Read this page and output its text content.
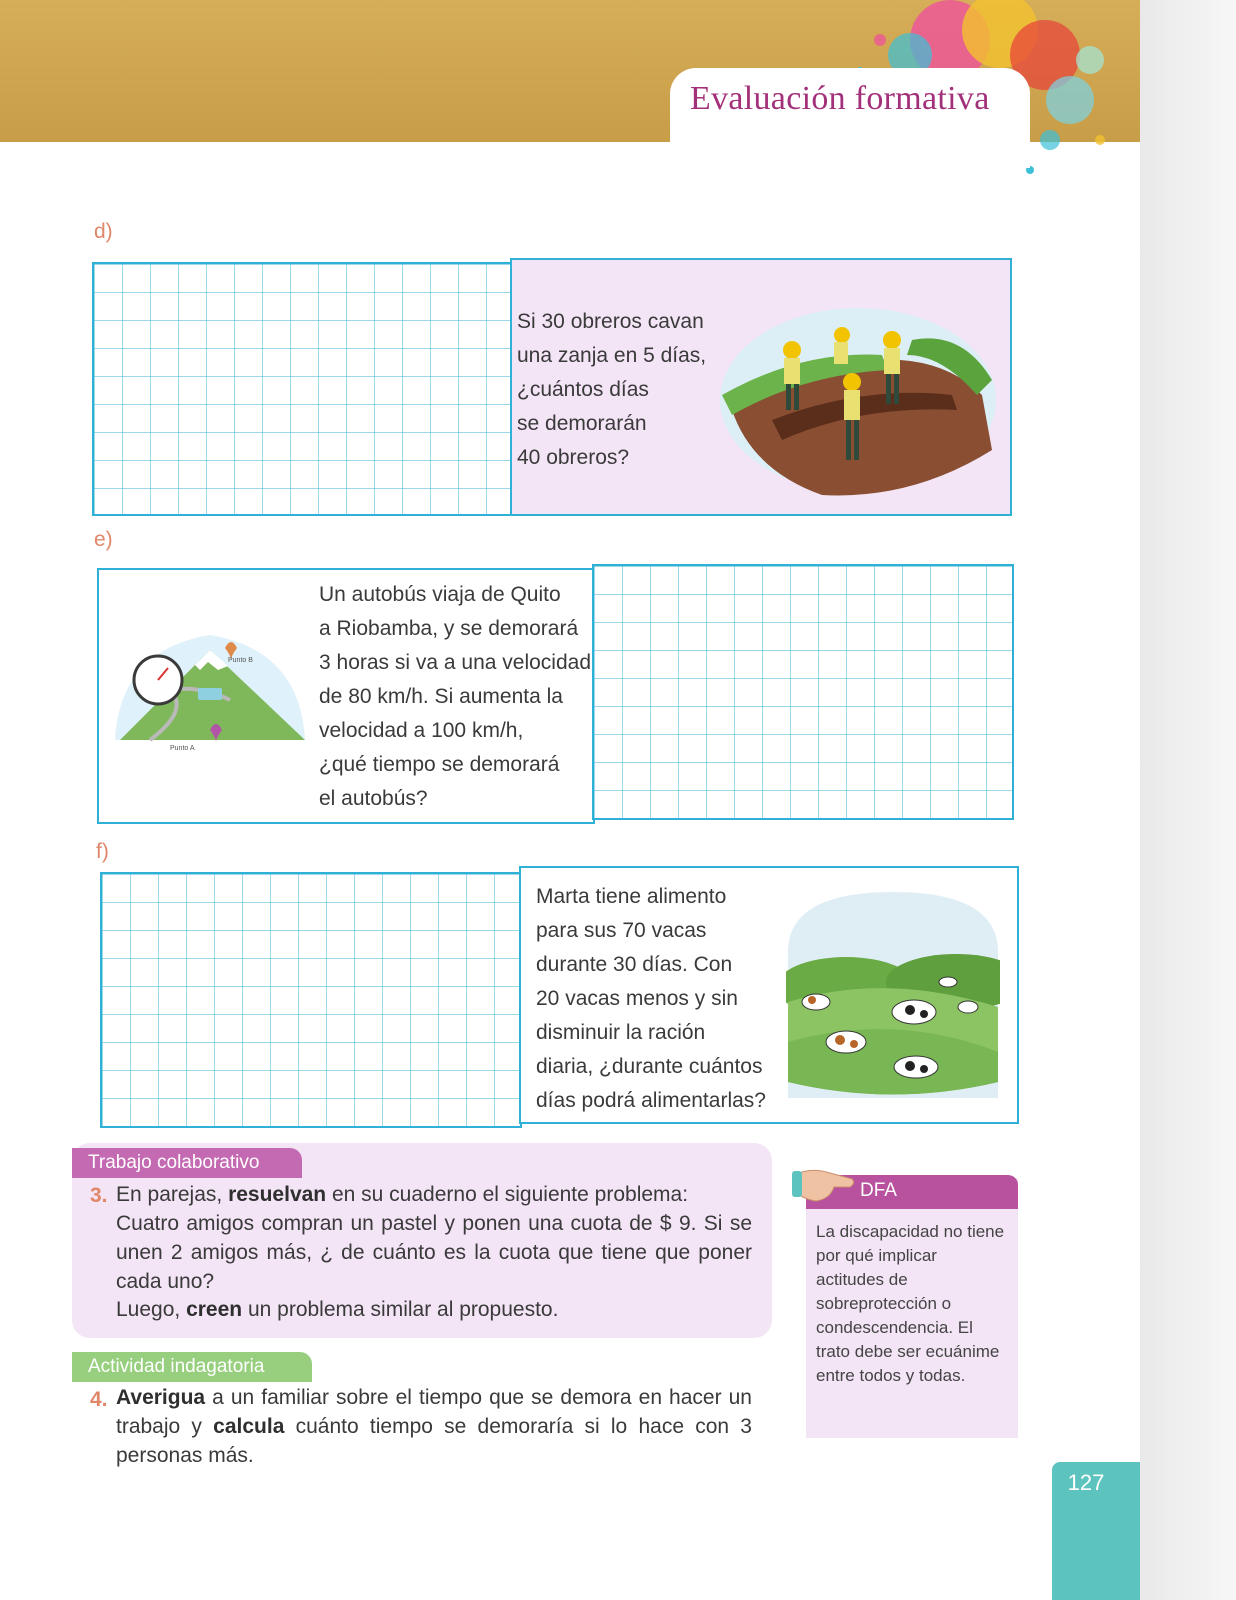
Evaluación formativa
d)
Si 30 obreros cavan
una zanja en 5 días,
¿cuántos días
se demorarán
40 obreros?
e)
Punto A
Punto B
Un autobús viaja de Quito
a Riobamba, y se demorará
3 horas si va a una velocidad
de 80 km/h. Si aumenta la
velocidad a 100 km/h,
¿qué tiempo se demorará
el autobús?
f)
Marta tiene alimento
para sus 70 vacas
durante 30 días. Con
20 vacas menos y sin
disminuir la ración
diaria, ¿durante cuántos
días podrá alimentarlas?
Trabajo colaborativo
3. En parejas, resuelvan en su cuaderno el siguiente problema:
Cuatro amigos compran un pastel y ponen una cuota de $ 9. Si se unen 2 amigos más, ¿ de cuánto es la cuota que tiene que poner cada uno?
Luego, creen un problema similar al propuesto.
Actividad indagatoria
4. Averigua a un familiar sobre el tiempo que se demora en hacer un trabajo y calcula cuánto tiempo se demoraría si lo hace con 3 personas más.
DFA
La discapacidad no tiene por qué implicar actitudes de sobreprotección o condescendencia. El trato debe ser ecuánime entre todos y todas.
127
